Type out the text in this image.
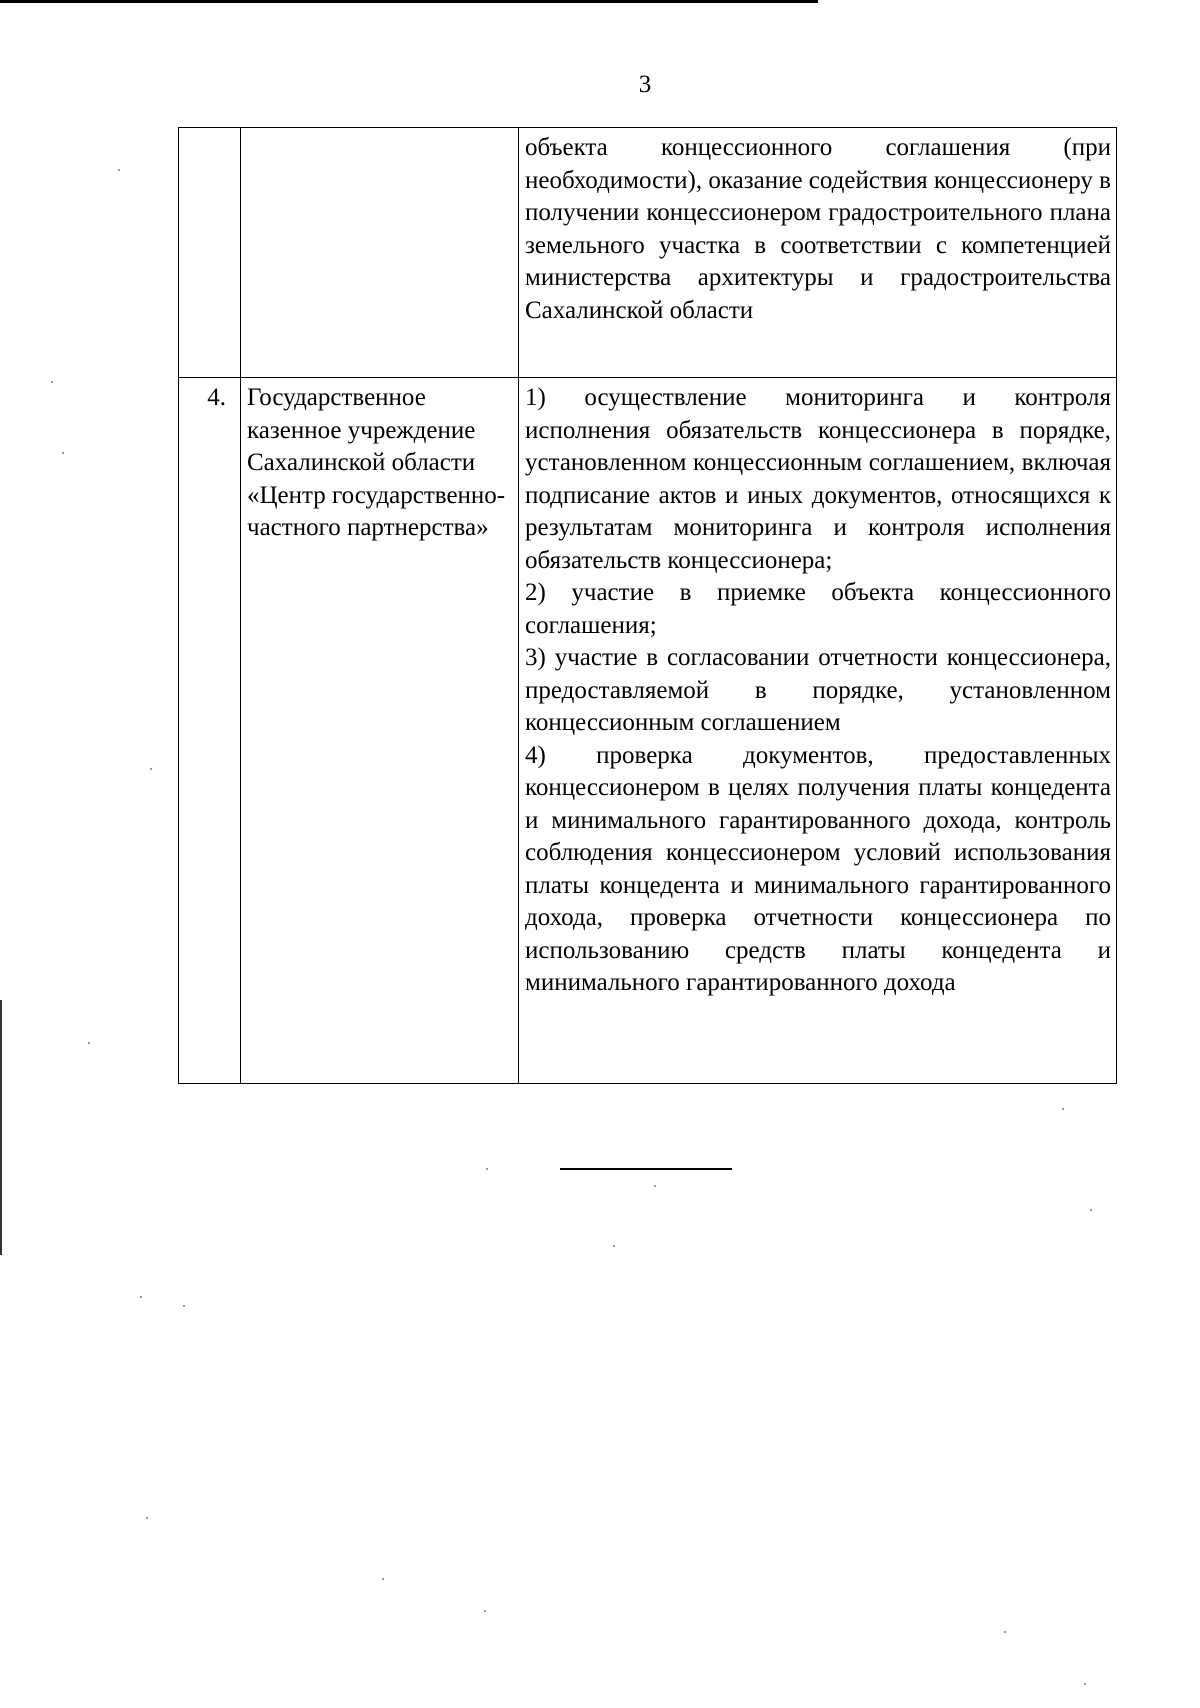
3

		объекта концессионного соглашения (при необходимости), оказание содействия концессионеру в получении концессионером градостроительного плана земельного участка в соответствии с компетенцией министерства архитектуры и градостроительства Сахалинской области

4.	Государственное казенное учреждение Сахалинской области «Центр государственно-частного партнерства»	1) осуществление мониторинга и контроля исполнения обязательств концессионера в порядке, установленном концессионным соглашением, включая подписание актов и иных документов, относящихся к результатам мониторинга и контроля исполнения обязательств концессионера;
2) участие в приемке объекта концессионного соглашения;
3) участие в согласовании отчетности концессионера, предоставляемой в порядке, установленном концессионным соглашением
4) проверка документов, предоставленных концессионером в целях получения платы концедента и минимального гарантированного дохода, контроль соблюдения концессионером условий использования платы концедента и минимального гарантированного дохода, проверка отчетности концессионера по использованию средств платы концедента и минимального гарантированного дохода
